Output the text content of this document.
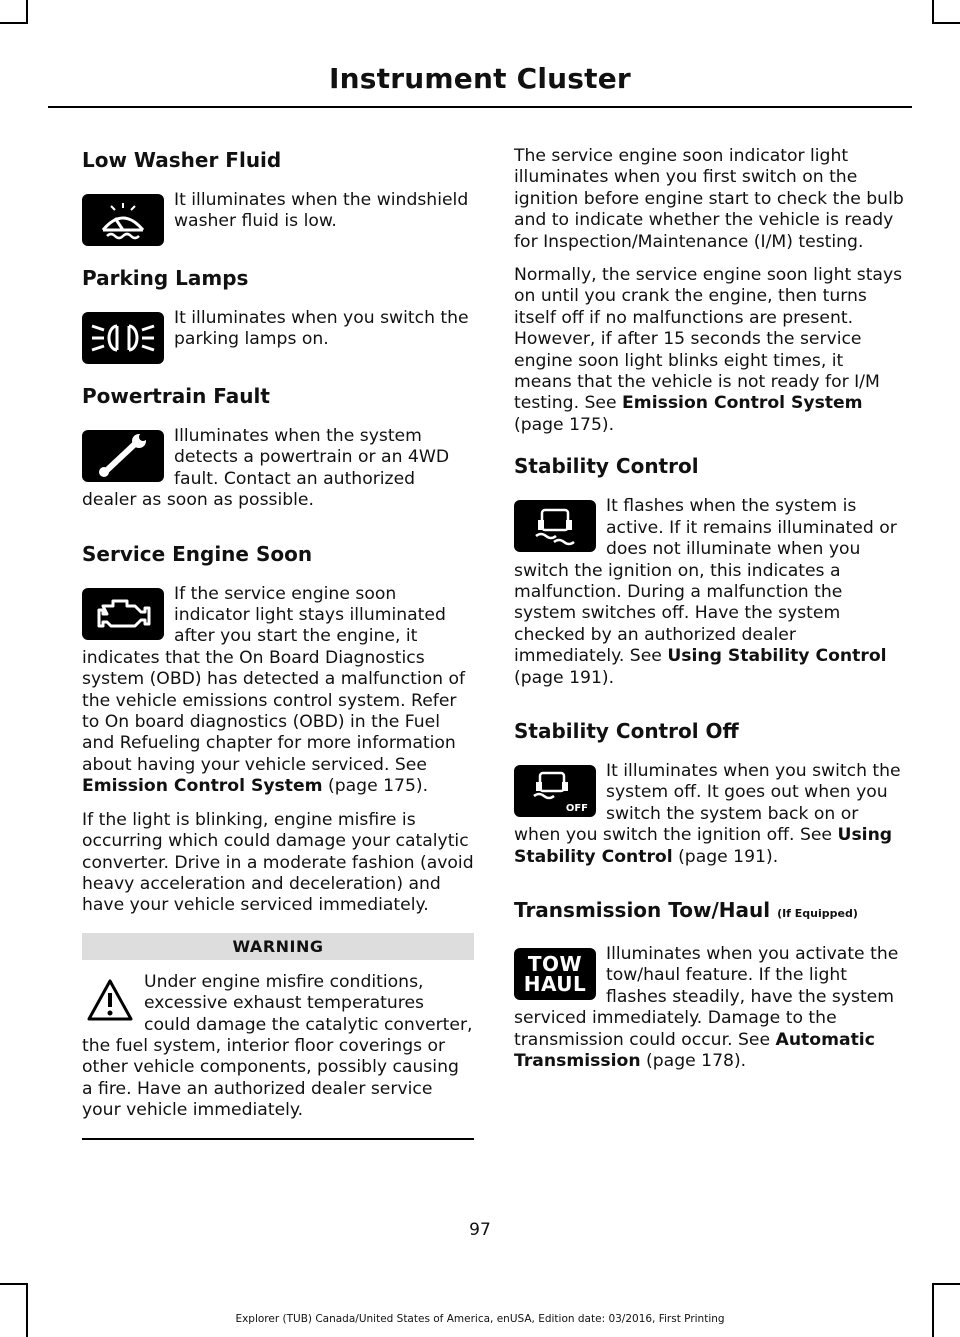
Instrument Cluster
Low Washer Fluid

It illuminates when the windshield washer fluid is low.

Parking Lamps

It illuminates when you switch the parking lamps on.

Powertrain Fault

Illuminates when the system detects a powertrain or an 4WD fault. Contact an authorized dealer as soon as possible.

Service Engine Soon

If the service engine soon indicator light stays illuminated after you start the engine, it indicates that the On Board Diagnostics system (OBD) has detected a malfunction of the vehicle emissions control system. Refer to On board diagnostics (OBD) in the Fuel and Refueling chapter for more information about having your vehicle serviced. See Emission Control System (page 175).

If the light is blinking, engine misfire is occurring which could damage your catalytic converter. Drive in a moderate fashion (avoid heavy acceleration and deceleration) and have your vehicle serviced immediately.

WARNING

Under engine misfire conditions, excessive exhaust temperatures could damage the catalytic converter, the fuel system, interior floor coverings or other vehicle components, possibly causing a fire. Have an authorized dealer service your vehicle immediately.

The service engine soon indicator light illuminates when you first switch on the ignition before engine start to check the bulb and to indicate whether the vehicle is ready for Inspection/Maintenance (I/M) testing.

Normally, the service engine soon light stays on until you crank the engine, then turns itself off if no malfunctions are present. However, if after 15 seconds the service engine soon light blinks eight times, it means that the vehicle is not ready for I/M testing. See Emission Control System (page 175).

Stability Control

It flashes when the system is active. If it remains illuminated or does not illuminate when you switch the ignition on, this indicates a malfunction. During a malfunction the system switches off. Have the system checked by an authorized dealer immediately. See Using Stability Control (page 191).

Stability Control Off
OFF

It illuminates when you switch the system off. It goes out when you switch the system back on or when you switch the ignition off. See Using Stability Control (page 191).

Transmission Tow/Haul (If Equipped)
TOW
HAUL

Illuminates when you activate the tow/haul feature. If the light flashes steadily, have the system serviced immediately. Damage to the transmission could occur. See Automatic Transmission (page 178).

97
Explorer (TUB) Canada/United States of America, enUSA, Edition date: 03/2016, First Printing
